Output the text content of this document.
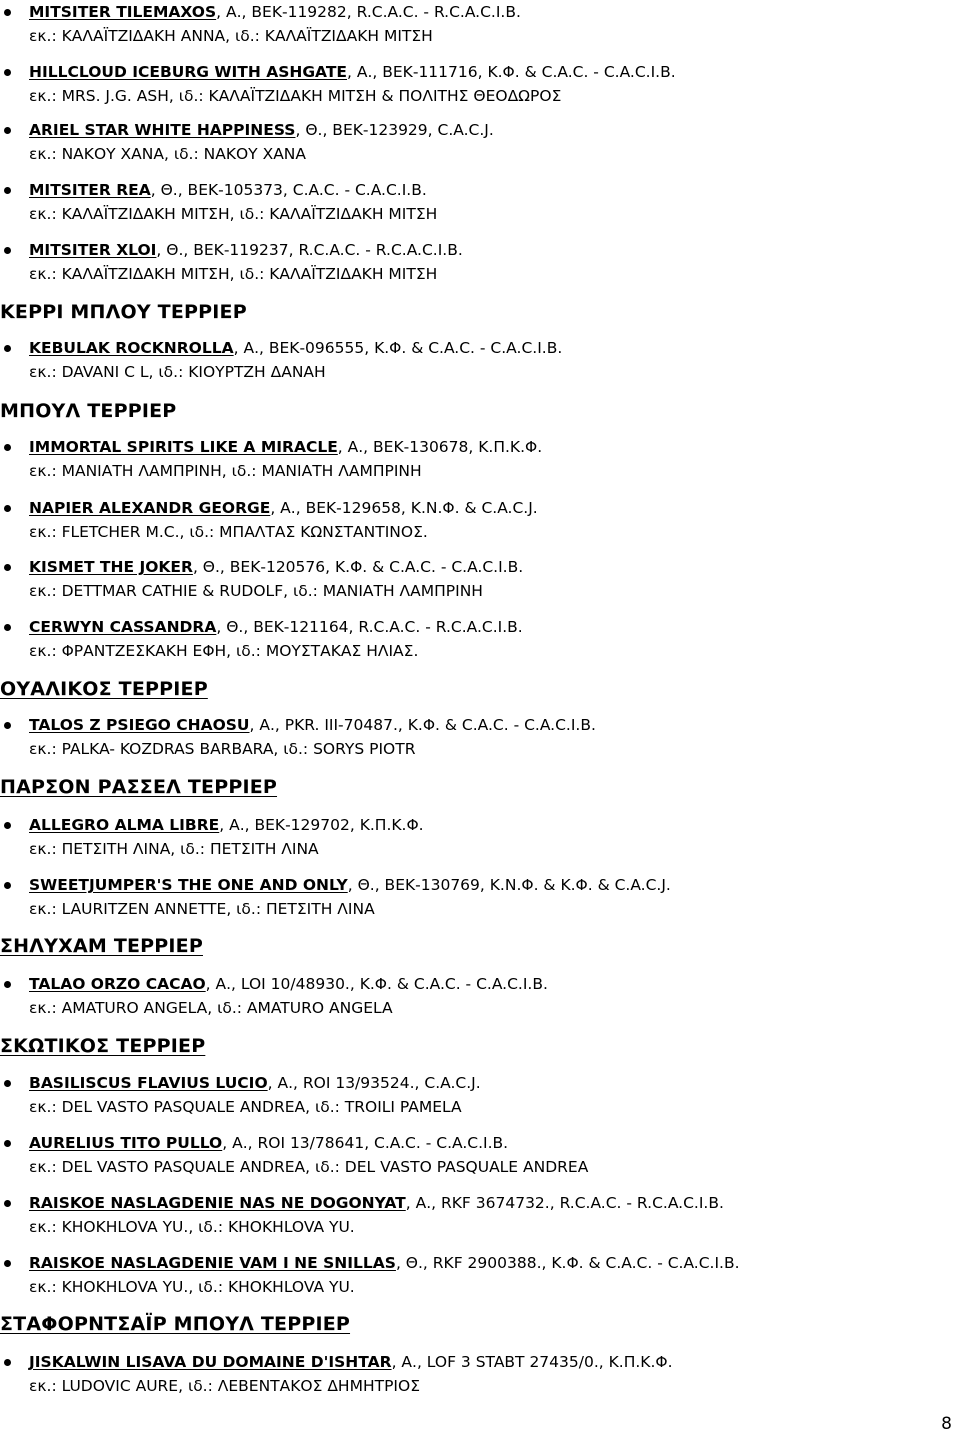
MITSITER TILEMAXOS, Α., ΒΕΚ-119282, R.C.A.C. - R.C.A.C.I.B.
εκ.: ΚΑΛΑΪΤΖΙΔΑΚΗ ΑΝΝΑ, ιδ.: ΚΑΛΑΪΤΖΙΔΑΚΗ ΜΙΤΣΗ
HILLCLOUD ICEBURG WITH ASHGATE, Α., ΒΕΚ-111716, Κ.Φ. & C.A.C. - C.A.C.I.B.
εκ.: MRS. J.G. ASH, ιδ.: ΚΑΛΑΪΤΖΙΔΑΚΗ ΜΙΤΣΗ & ΠΟΛΙΤΗΣ ΘΕΟΔΩΡΟΣ
ARIEL STAR WHITE HAPPINESS, Θ., ΒΕΚ-123929, C.A.C.J.
εκ.: ΝΑΚΟΥ ΧΑΝΑ, ιδ.: ΝΑΚΟΥ ΧΑΝΑ
MITSITER REA, Θ., ΒΕΚ-105373, C.A.C. - C.A.C.I.B.
εκ.: ΚΑΛΑΪΤΖΙΔΑΚΗ ΜΙΤΣΗ, ιδ.: ΚΑΛΑΪΤΖΙΔΑΚΗ ΜΙΤΣΗ
MITSITER XLOI, Θ., ΒΕΚ-119237, R.C.A.C. - R.C.A.C.I.B.
εκ.: ΚΑΛΑΪΤΖΙΔΑΚΗ ΜΙΤΣΗ, ιδ.: ΚΑΛΑΪΤΖΙΔΑΚΗ ΜΙΤΣΗ
ΚΕΡΡΙ ΜΠΛΟΥ ΤΕΡΡΙΕΡ
KEBULAK ROCKNROLLA, Α., ΒΕΚ-096555, Κ.Φ. & C.A.C. - C.A.C.I.B.
εκ.: DAVANI C L, ιδ.: ΚΙΟΥΡΤΖΗ ΔΑΝΑΗ
ΜΠΟΥΛ ΤΕΡΡΙΕΡ
IMMORTAL SPIRITS LIKE A MIRACLE, Α., ΒΕΚ-130678, Κ.Π.Κ.Φ.
εκ.: ΜΑΝΙΑΤΗ ΛΑΜΠΡΙΝΗ, ιδ.: ΜΑΝΙΑΤΗ ΛΑΜΠΡΙΝΗ
NAPIER ALEXANDR GEORGE, Α., ΒΕΚ-129658, Κ.Ν.Φ. & C.A.C.J.
εκ.: FLETCHER M.C., ιδ.: ΜΠΑΛΤΑΣ ΚΩΝΣΤΑΝΤΙΝΟΣ.
KISMET THE JOKER, Θ., ΒΕΚ-120576, Κ.Φ. & C.A.C. - C.A.C.I.B.
εκ.: DETTMAR CATHIE & RUDOLF, ιδ.: ΜΑΝΙΑΤΗ ΛΑΜΠΡΙΝΗ
CERWYN CASSANDRA, Θ., ΒΕΚ-121164, R.C.A.C. - R.C.A.C.I.B.
εκ.: ΦΡΑΝΤΖΕΣΚΑΚΗ ΕΦΗ, ιδ.: ΜΟΥΣΤΑΚΑΣ ΗΛΙΑΣ.
ΟΥΑΛΙΚΟΣ ΤΕΡΡΙΕΡ
TALOS Z PSIEGO CHAOSU, Α., PKR. III-70487., Κ.Φ. & C.A.C. - C.A.C.I.B.
εκ.: PALKA- KOZDRAS BARBARA, ιδ.: SORYS PIOTR
ΠΑΡΣΟΝ ΡΑΣΣΕΛ ΤΕΡΡΙΕΡ
ALLEGRO ALMA LIBRE, Α., ΒΕΚ-129702, Κ.Π.Κ.Φ.
εκ.: ΠΕΤΣΙΤΗ ΛΙΝΑ, ιδ.: ΠΕΤΣΙΤΗ ΛΙΝΑ
SWEETJUMPER'S THE ONE AND ONLY, Θ., ΒΕΚ-130769, Κ.Ν.Φ. & Κ.Φ. & C.A.C.J.
εκ.: LAURITZEN ANNETTE, ιδ.: ΠΕΤΣΙΤΗ ΛΙΝΑ
ΣΗΛΥΧΑΜ ΤΕΡΡΙΕΡ
TALAO ORZO CACAO, Α., LOI 10/48930., Κ.Φ. & C.A.C. - C.A.C.I.B.
εκ.: AMATURO ANGELA, ιδ.: AMATURO ANGELA
ΣΚΩΤΙΚΟΣ ΤΕΡΡΙΕΡ
BASILISCUS FLAVIUS LUCIO, Α., ROI 13/93524., C.A.C.J.
εκ.: DEL VASTO PASQUALE ANDREA, ιδ.: TROILI PAMELA
AURELIUS TITO PULLO, Α., ROI 13/78641, C.A.C. - C.A.C.I.B.
εκ.: DEL VASTO PASQUALE ANDREA, ιδ.: DEL VASTO PASQUALE ANDREA
RAISKOE NASLAGDENIE NAS NE DOGONYAT, Α., RKF 3674732., R.C.A.C. - R.C.A.C.I.B.
εκ.: KHOKHLOVA YU., ιδ.: KHOKHLOVA YU.
RAISKOE NASLAGDENIE VAM I NE SNILLAS, Θ., RKF 2900388., Κ.Φ. & C.A.C. - C.A.C.I.B.
εκ.: KHOKHLOVA YU., ιδ.: KHOKHLOVA YU.
ΣΤΑΦΟΡΝΤΣΑΪΡ ΜΠΟΥΛ ΤΕΡΡΙΕΡ
JISKALWIN LISAVA DU DOMAINE D'ISHTAR, Α., LOF 3 STABT 27435/0., Κ.Π.Κ.Φ.
εκ.: LUDOVIC AURE, ιδ.: ΛΕΒΕΝΤΑΚΟΣ ΔΗΜΗΤΡΙΟΣ
8
